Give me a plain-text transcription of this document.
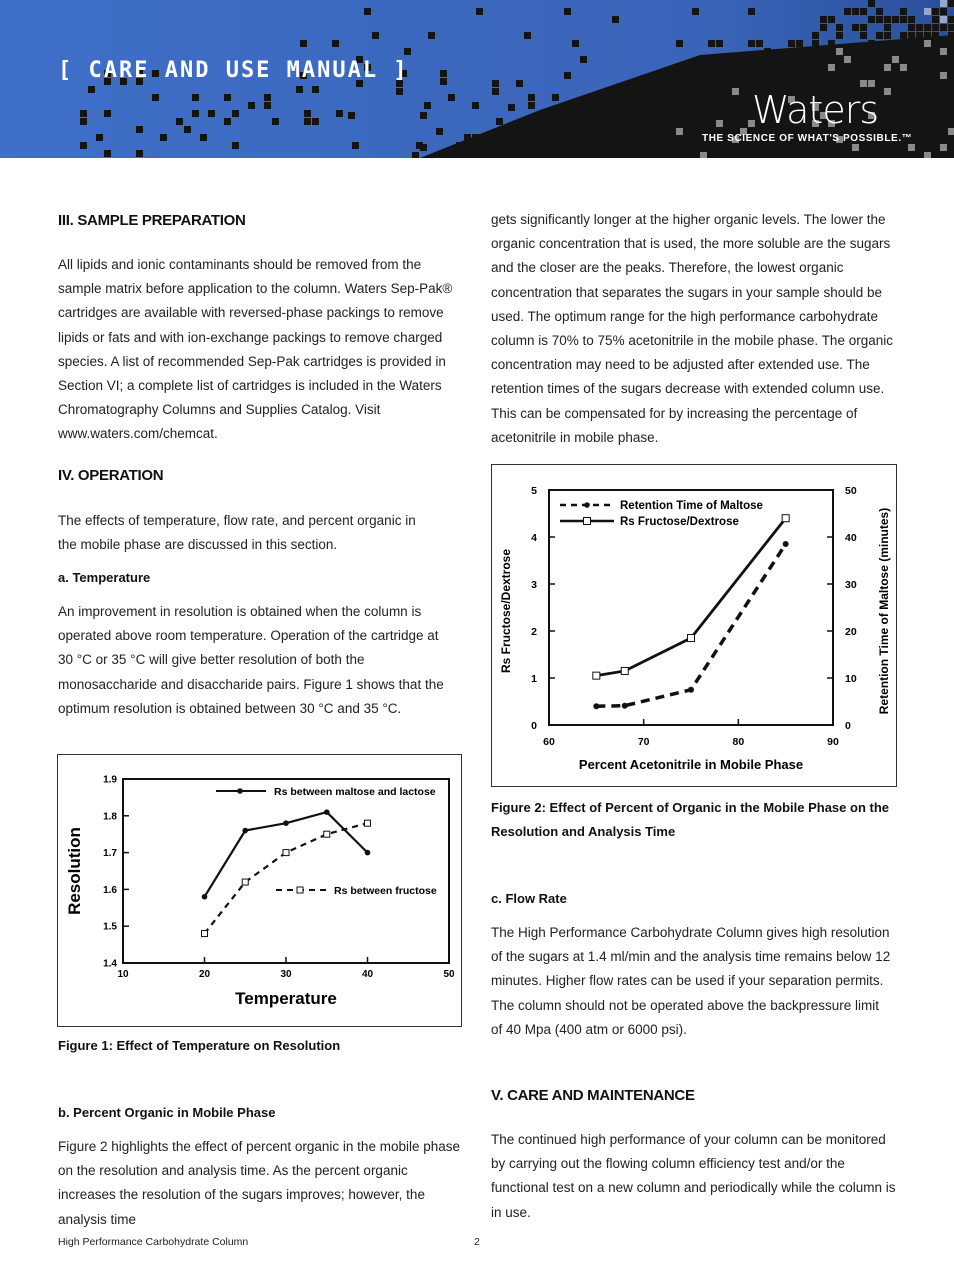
[ CARE AND USE MANUAL ]
Waters
THE SCIENCE OF WHAT'S POSSIBLE.™
III. SAMPLE PREPARATION

All lipids and ionic contaminants should be removed from the sample matrix before application to the column. Waters Sep-Pak® cartridges are available with reversed-phase packings to remove lipids or fats and with ion-exchange packings to remove charged species. A list of recommended Sep-Pak cartridges is provided in Section VI; a complete list of cartridges is included in the Waters Chromatography Columns and Supplies Catalog. Visit www.waters.com/chemcat.

IV. OPERATION

The effects of temperature, flow rate, and percent organic in the mobile phase are discussed in this section.

a. Temperature

An improvement in resolution is obtained when the column is operated above room temperature. Operation of the cartridge at 30 °C or 35 °C will give better resolution of both the monosaccharide and disaccharide pairs. Figure 1 shows that the optimum resolution is obtained between 30 °C and 35 °C.

1.4
1.5
1.6
1.7
1.8
1.9
10	20	30	40	50
Temperature
Resolution
Rs between maltose and lactose
Rs between fructose
Figure 1: Effect of Temperature on Resolution
b. Percent Organic in Mobile Phase

Figure 2 highlights the effect of percent organic in the mobile phase on the resolution and analysis time. As the percent organic increases the resolution of the sugars improves; however, the analysis time

gets significantly longer at the higher organic levels. The lower the organic concentration that is used, the more soluble are the sugars and the closer are the peaks. Therefore, the lowest organic concentration that separates the sugars in your sample should be used. The optimum range for the high performance carbohydrate column is 70% to 75% acetonitrile in the mobile phase. The organic concentration may need to be adjusted after extended use. The retention times of the sugars decrease with extended column use. This can be compensated for by increasing the percentage of acetonitrile in mobile phase.

0
1
2
3
4
5
0
10
20
30
40
50
60	70	80	90
Percent Acetonitrile in Mobile Phase
Rs Fructose/Dextrose	Retention Time of Maltose (minutes)
Retention Time of Maltose
Rs Fructose/Dextrose
Figure 2: Effect of Percent of Organic in the Mobile Phase on the Resolution and Analysis Time
c. Flow Rate

The High Performance Carbohydrate Column gives high resolution of the sugars at 1.4 ml/min and the analysis time remains below 12 minutes. Higher flow rates can be used if your separation permits. The column should not be operated above the backpressure limit of 40 Mpa (400 atm or 6000 psi).

V. CARE AND MAINTENANCE

The continued high performance of your column can be monitored by carrying out the flowing column efficiency test and/or the functional test on a new column and periodically while the column is in use.

High Performance Carbohydrate Column	2
